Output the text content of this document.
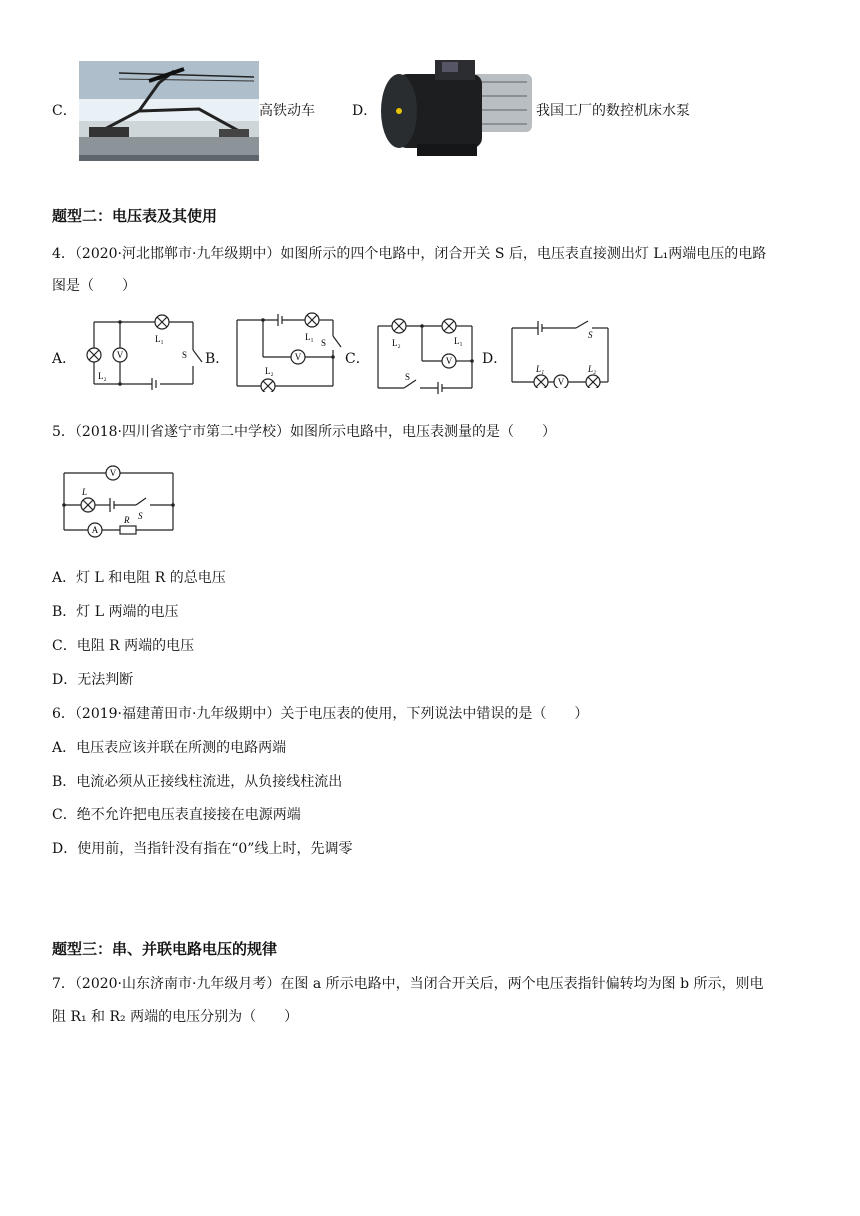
C．	高铁动车	D．	我国工厂的数控机床水泵
题型二：电压表及其使用
4．（2020·河北邯郸市·九年级期中）如图所示的四个电路中，闭合开关 S 后，电压表直接测出灯 L₁两端电压的电路
图是（　　）
A．	V
L₁
L₂
S B．	V
L₁
L₂
S
C．	V
L₂	L₁
S
D．
V
L₁	L₂
S
5．（2018·四川省遂宁市第二中学校）如图所示电路中，电压表测量的是（　　）
V
A
L
S
R
A．灯 L 和电阻 R 的总电压
B．灯 L 两端的电压
C．电阻 R 两端的电压
D．无法判断
6．（2019·福建莆田市·九年级期中）关于电压表的使用，下列说法中错误的是（　　）
A．电压表应该并联在所测的电路两端
B．电流必须从正接线柱流进，从负接线柱流出
C．绝不允许把电压表直接接在电源两端
D．使用前，当指针没有指在“0”线上时，先调零
题型三：串、并联电路电压的规律
7．（2020·山东济南市·九年级月考）在图 a 所示电路中，当闭合开关后，两个电压表指针偏转均为图 b 所示，则电
阻 R₁ 和 R₂ 两端的电压分别为（　　）
